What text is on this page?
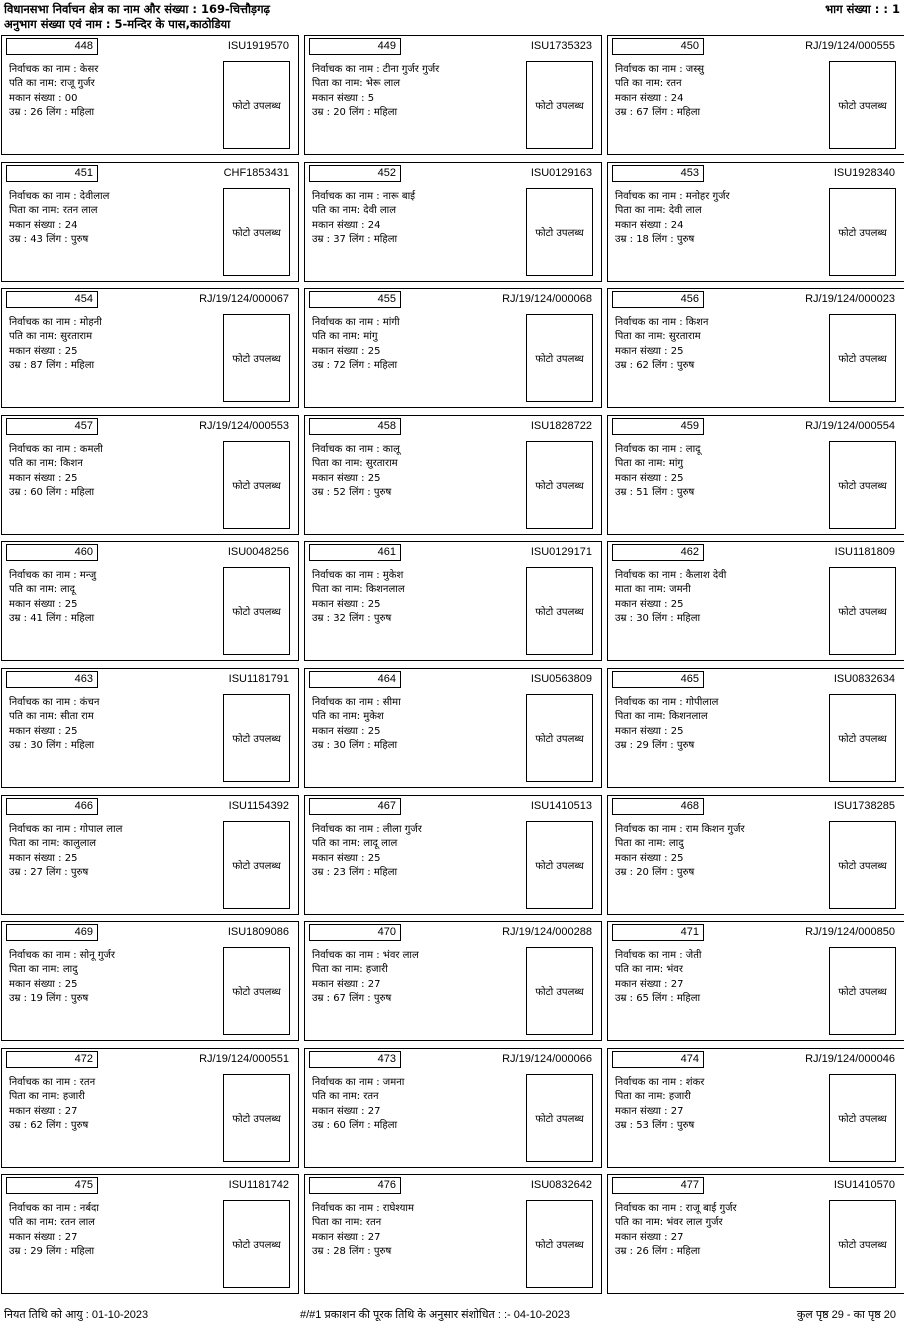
विधानसभा निर्वाचन क्षेत्र का नाम और संख्या : 169-चित्तौड़गढ़
अनुभाग संख्या एवं नाम : 5-मन्दिर के पास,काठोडिया
भाग संख्या : : 1
448	ISU1919570
निर्वाचक का नाम : केसर
पति का नाम: राजू गुर्जर
मकान संख्या : 00
उम्र : 26 लिंग : महिला
फोटो उपलब्ध
449	ISU1735323
निर्वाचक का नाम : टीना गुर्जर गुर्जर
पिता का नाम: भेरू लाल
मकान संख्या : 5
उम्र : 20 लिंग : महिला
फोटो उपलब्ध
450	RJ/19/124/000555
निर्वाचक का नाम : जस्सु
पति का नाम: रतन
मकान संख्या : 24
उम्र : 67 लिंग : महिला
फोटो उपलब्ध
451	CHF1853431
निर्वाचक का नाम : देवीलाल
पिता का नाम: रतन लाल
मकान संख्या : 24
उम्र : 43 लिंग : पुरुष
फोटो उपलब्ध
452	ISU0129163
निर्वाचक का नाम : नारू बाई
पति का नाम: देवी लाल
मकान संख्या : 24
उम्र : 37 लिंग : महिला
फोटो उपलब्ध
453	ISU1928340
निर्वाचक का नाम : मनोहर गुर्जर
पिता का नाम: देवी लाल
मकान संख्या : 24
उम्र : 18 लिंग : पुरुष
फोटो उपलब्ध
454	RJ/19/124/000067
निर्वाचक का नाम : मोहनी
पति का नाम: सुरताराम
मकान संख्या : 25
उम्र : 87 लिंग : महिला
फोटो उपलब्ध
455	RJ/19/124/000068
निर्वाचक का नाम : मांगी
पति का नाम: मांगु
मकान संख्या : 25
उम्र : 72 लिंग : महिला
फोटो उपलब्ध
456	RJ/19/124/000023
निर्वाचक का नाम : किशन
पिता का नाम: सुरताराम
मकान संख्या : 25
उम्र : 62 लिंग : पुरुष
फोटो उपलब्ध
457	RJ/19/124/000553
निर्वाचक का नाम : कमली
पति का नाम: किशन
मकान संख्या : 25
उम्र : 60 लिंग : महिला
फोटो उपलब्ध
458	ISU1828722
निर्वाचक का नाम : कालू
पिता का नाम: सुरताराम
मकान संख्या : 25
उम्र : 52 लिंग : पुरुष
फोटो उपलब्ध
459	RJ/19/124/000554
निर्वाचक का नाम : लादू
पिता का नाम: मांगु
मकान संख्या : 25
उम्र : 51 लिंग : पुरुष
फोटो उपलब्ध
460	ISU0048256
निर्वाचक का नाम : मन्जु
पति का नाम: लादू
मकान संख्या : 25
उम्र : 41 लिंग : महिला
फोटो उपलब्ध
461	ISU0129171
निर्वाचक का नाम : मुकेश
पिता का नाम: किशनलाल
मकान संख्या : 25
उम्र : 32 लिंग : पुरुष
फोटो उपलब्ध
462	ISU1181809
निर्वाचक का नाम : कैलाश देवी
माता का नाम: जमनी
मकान संख्या : 25
उम्र : 30 लिंग : महिला
फोटो उपलब्ध
463	ISU1181791
निर्वाचक का नाम : कंचन
पति का नाम: सीता राम
मकान संख्या : 25
उम्र : 30 लिंग : महिला
फोटो उपलब्ध
464	ISU0563809
निर्वाचक का नाम : सीमा
पति का नाम: मुकेश
मकान संख्या : 25
उम्र : 30 लिंग : महिला
फोटो उपलब्ध
465	ISU0832634
निर्वाचक का नाम : गोपीलाल
पिता का नाम: किशनलाल
मकान संख्या : 25
उम्र : 29 लिंग : पुरुष
फोटो उपलब्ध
466	ISU1154392
निर्वाचक का नाम : गोपाल लाल
पिता का नाम: कालुलाल
मकान संख्या : 25
उम्र : 27 लिंग : पुरुष
फोटो उपलब्ध
467	ISU1410513
निर्वाचक का नाम : लीला गुर्जर
पति का नाम: लादू लाल
मकान संख्या : 25
उम्र : 23 लिंग : महिला
फोटो उपलब्ध
468	ISU1738285
निर्वाचक का नाम : राम किशन गुर्जर
पिता का नाम: लादु
मकान संख्या : 25
उम्र : 20 लिंग : पुरुष
फोटो उपलब्ध
469	ISU1809086
निर्वाचक का नाम : सोनू गुर्जर
पिता का नाम: लादु
मकान संख्या : 25
उम्र : 19 लिंग : पुरुष
फोटो उपलब्ध
470	RJ/19/124/000288
निर्वाचक का नाम : भंवर लाल
पिता का नाम: हजारी
मकान संख्या : 27
उम्र : 67 लिंग : पुरुष
फोटो उपलब्ध
471	RJ/19/124/000850
निर्वाचक का नाम : जेती
पति का नाम: भंवर
मकान संख्या : 27
उम्र : 65 लिंग : महिला
फोटो उपलब्ध
472	RJ/19/124/000551
निर्वाचक का नाम : रतन
पिता का नाम: हजारी
मकान संख्या : 27
उम्र : 62 लिंग : पुरुष
फोटो उपलब्ध
473	RJ/19/124/000066
निर्वाचक का नाम : जमना
पति का नाम: रतन
मकान संख्या : 27
उम्र : 60 लिंग : महिला
फोटो उपलब्ध
474	RJ/19/124/000046
निर्वाचक का नाम : शंकर
पिता का नाम: हजारी
मकान संख्या : 27
उम्र : 53 लिंग : पुरुष
फोटो उपलब्ध
475	ISU1181742
निर्वाचक का नाम : नर्बदा
पति का नाम: रतन लाल
मकान संख्या : 27
उम्र : 29 लिंग : महिला
फोटो उपलब्ध
476	ISU0832642
निर्वाचक का नाम : राघेश्याम
पिता का नाम: रतन
मकान संख्या : 27
उम्र : 28 लिंग : पुरुष
फोटो उपलब्ध
477	ISU1410570
निर्वाचक का नाम : राजू बाई गुर्जर
पति का नाम: भंवर लाल गुर्जर
मकान संख्या : 27
उम्र : 26 लिंग : महिला
फोटो उपलब्ध
नियत तिथि को आयु : 01-10-2023	#/#1 प्रकाशन की पूरक तिथि के अनुसार संशोधित : :- 04-10-2023	कुल पृष्ठ 29 - का पृष्ठ 20
